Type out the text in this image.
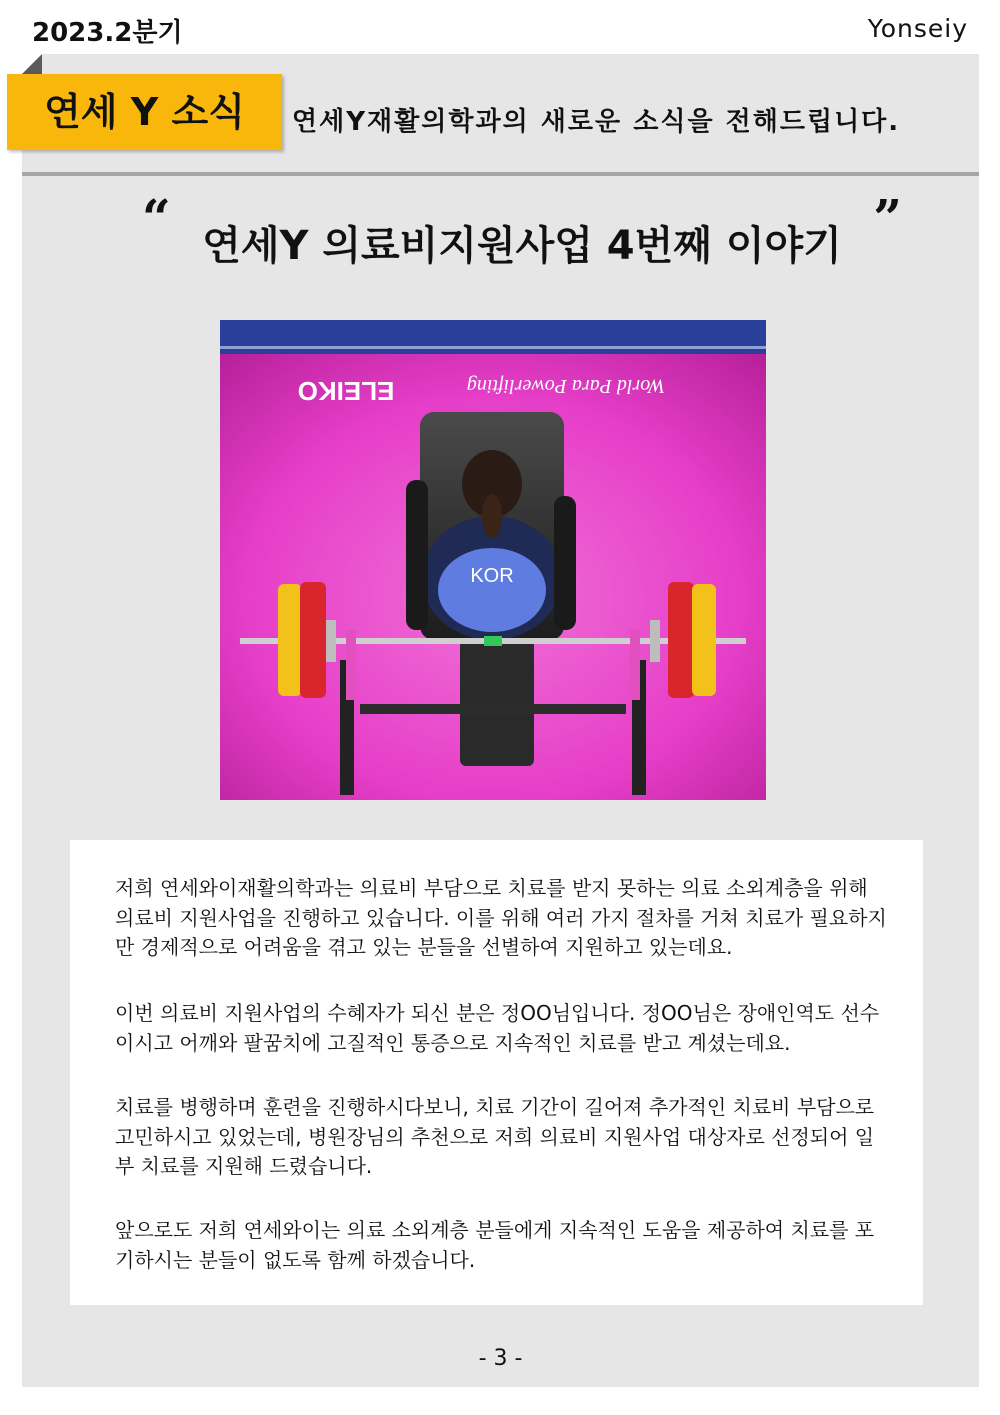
2023.2분기	Yonseiy
연세 Y 소식	연세Y재활의학과의 새로운 소식을 전해드립니다.
“ 연세Y 의료비지원사업 4번째 이야기 ”
ELEIKO	World Para Powerlifting
KOR

저희 연세와이재활의학과는 의료비 부담으로 치료를 받지 못하는 의료 소외계층을 위해 의료비 지원사업을 진행하고 있습니다. 이를 위해 여러 가지 절차를 거쳐 치료가 필요하지만 경제적으로 어려움을 겪고 있는 분들을 선별하여 지원하고 있는데요.

이번 의료비 지원사업의 수혜자가 되신 분은 정OO님입니다. 정OO님은 장애인역도 선수이시고 어깨와 팔꿈치에 고질적인 통증으로 지속적인 치료를 받고 계셨는데요.

치료를 병행하며 훈련을 진행하시다보니, 치료 기간이 길어져 추가적인 치료비 부담으로 고민하시고 있었는데, 병원장님의 추천으로 저희 의료비 지원사업 대상자로 선정되어 일부 치료를 지원해 드렸습니다.

앞으로도 저희 연세와이는 의료 소외계층 분들에게 지속적인 도움을 제공하여 치료를 포기하시는 분들이 없도록 함께 하겠습니다.

- 3 -
